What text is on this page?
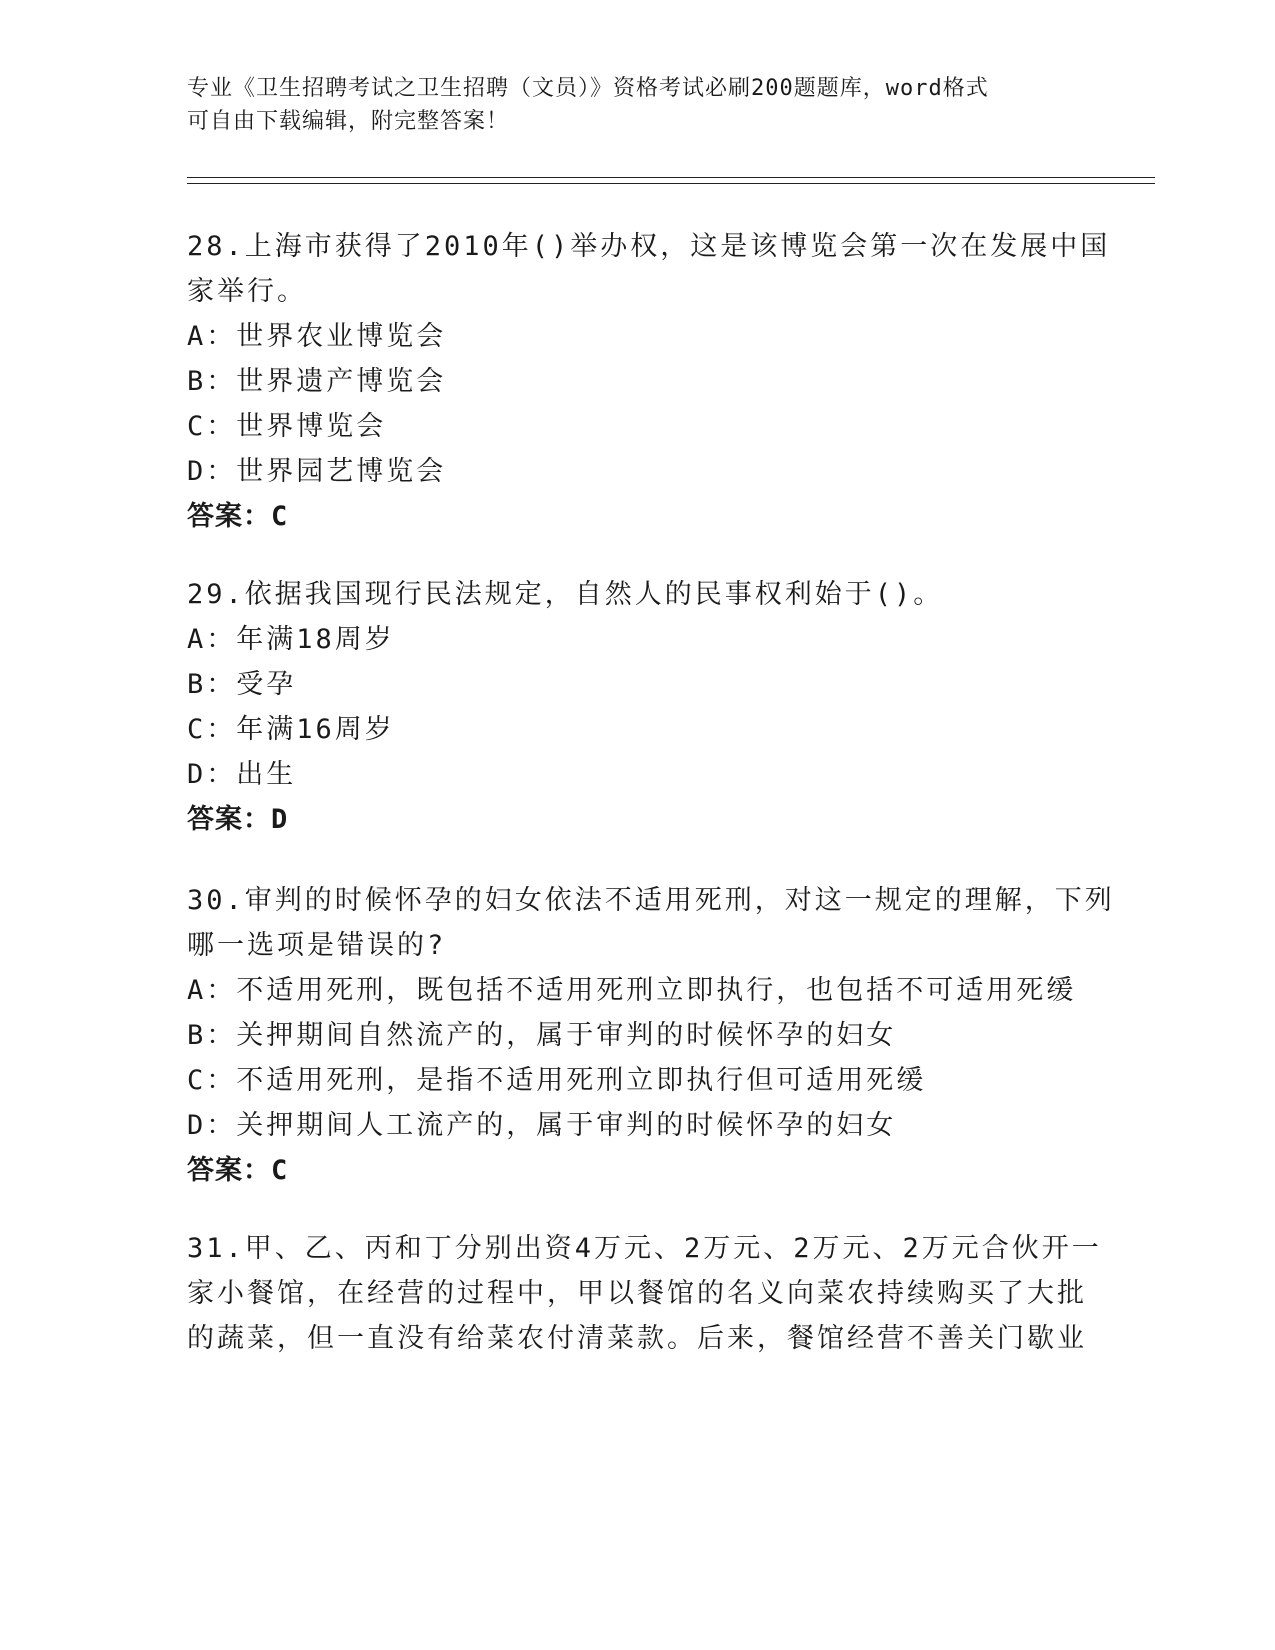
专业《卫生招聘考试之卫生招聘（文员）》资格考试必刷200题题库，word格式
可自由下载编辑，附完整答案！
28.上海市获得了2010年()举办权，这是该博览会第一次在发展中国
家举行。
A：世界农业博览会
B：世界遗产博览会
C：世界博览会
D：世界园艺博览会
答案：C
29.依据我国现行民法规定，自然人的民事权利始于()。
A：年满18周岁
B：受孕
C：年满16周岁
D：出生
答案：D
30.审判的时候怀孕的妇女依法不适用死刑，对这一规定的理解，下列
哪一选项是错误的?
A：不适用死刑，既包括不适用死刑立即执行，也包括不可适用死缓
B：关押期间自然流产的，属于审判的时候怀孕的妇女
C：不适用死刑，是指不适用死刑立即执行但可适用死缓
D：关押期间人工流产的，属于审判的时候怀孕的妇女
答案：C
31.甲、乙、丙和丁分别出资4万元、2万元、2万元、2万元合伙开一
家小餐馆，在经营的过程中，甲以餐馆的名义向菜农持续购买了大批
的蔬菜，但一直没有给菜农付清菜款。后来，餐馆经营不善关门歇业
